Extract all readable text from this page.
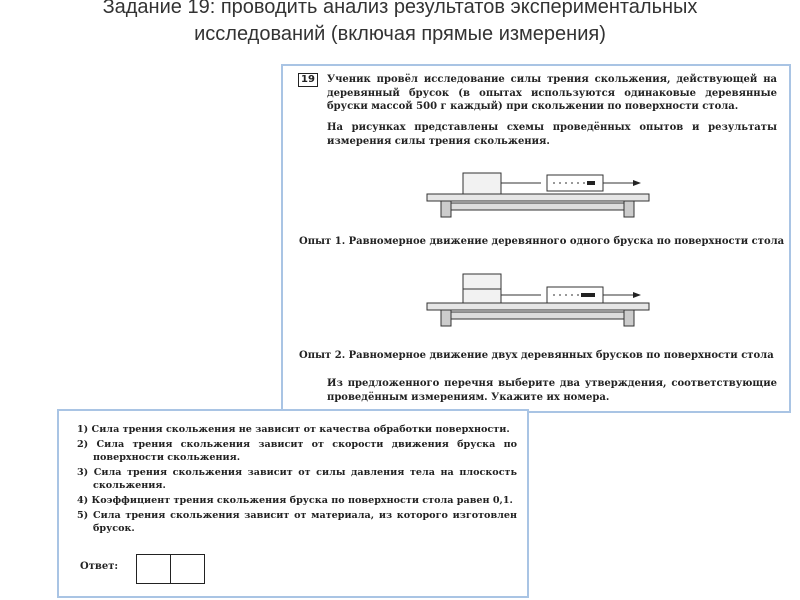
Задание 19: проводить анализ результатов экспериментальных
исследований (включая прямые измерения)
19	Ученик провёл исследование силы трения скольжения, действующей на деревянный брусок (в опытах используются одинаковые деревянные бруски массой 500 г каждый) при скольжении по поверхности стола.
На рисунках представлены схемы проведённых опытов и результаты измерения силы трения скольжения.
Опыт 1. Равномерное движение деревянного одного бруска по поверхности стола
Опыт 2. Равномерное движение двух деревянных брусков по поверхности стола
Из предложенного перечня выберите два утверждения, соответствующие проведённым измерениям. Укажите их номера.
1) Сила трения скольжения не зависит от качества обработки поверхности.
2) Сила трения скольжения зависит от скорости движения бруска по поверхности скольжения.
3) Сила трения скольжения зависит от силы давления тела на плоскость скольжения.
4) Коэффициент трения скольжения бруска по поверхности стола равен 0,1.
5) Сила трения скольжения зависит от материала, из которого изготовлен брусок.
Ответ:
